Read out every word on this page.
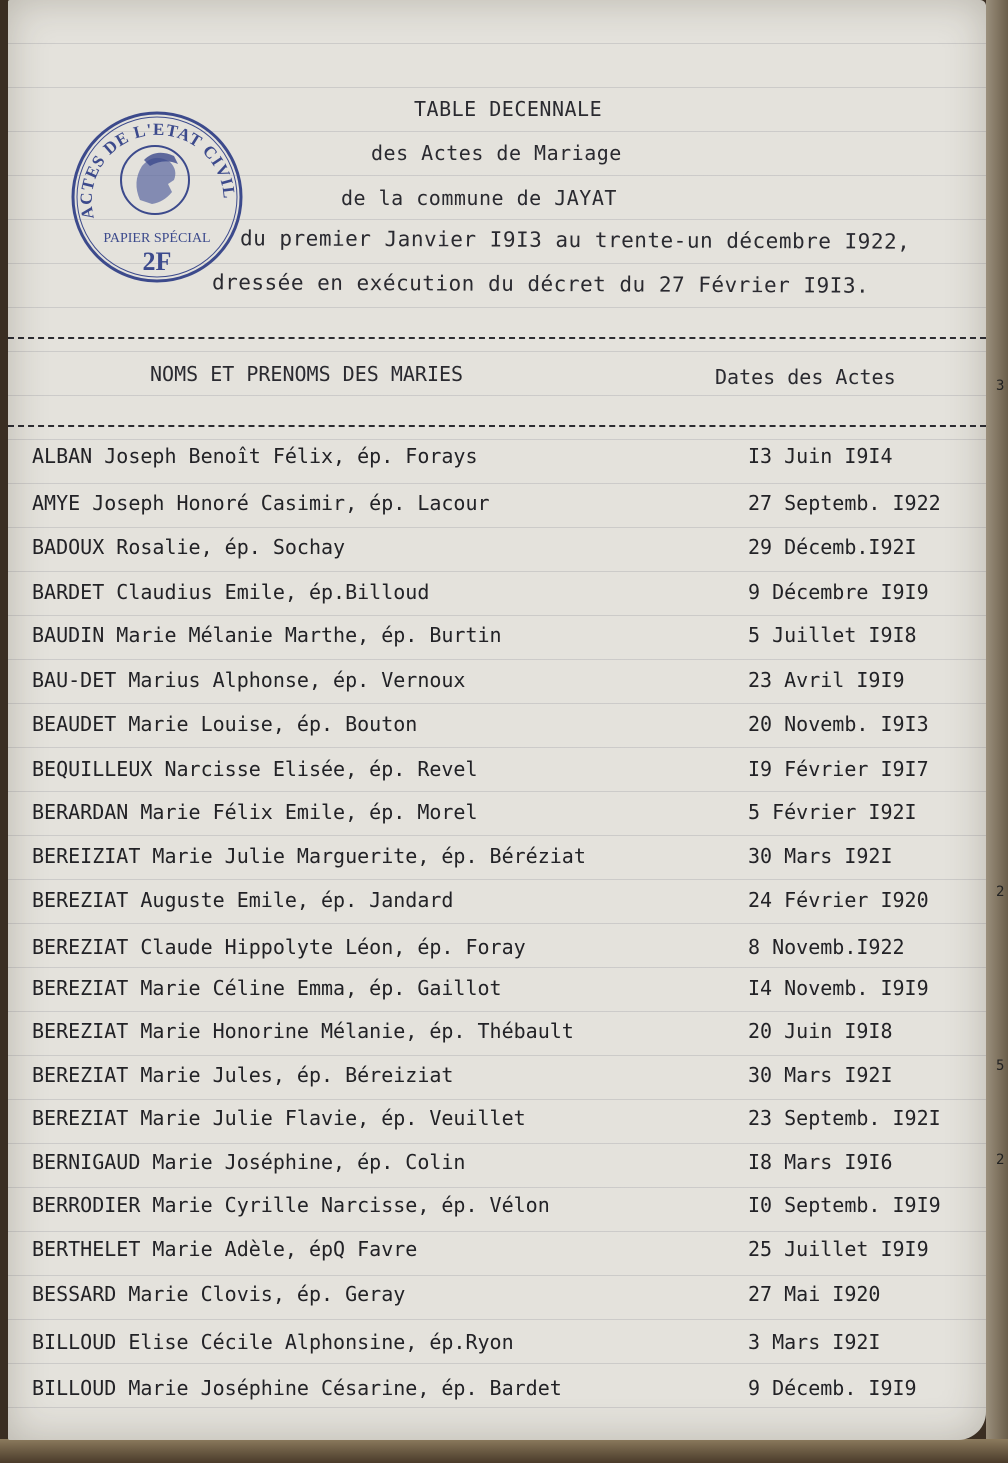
ACTES DE L'ETAT CIVIL
PAPIER SPÉCIAL
2F
TABLE DECENNALE
des Actes de Mariage
de la commune de JAYAT
du premier Janvier I9I3 au trente-un décembre I922,
dressée en exécution du décret du 27 Février I9I3.
NOMS ET PRENOMS DES MARIES	Dates des Actes
ALBAN Joseph Benoît Félix, ép. Forays	I3 Juin I9I4
AMYE Joseph Honoré Casimir, ép. Lacour	27 Septemb. I922
BADOUX Rosalie, ép. Sochay	29 Décemb.I92I
BARDET Claudius Emile, ép.Billoud	9 Décembre I9I9
BAUDIN Marie Mélanie Marthe, ép. Burtin	5 Juillet I9I8
BAU-DET Marius Alphonse, ép. Vernoux	23 Avril I9I9
BEAUDET Marie Louise, ép. Bouton	20 Novemb. I9I3
BEQUILLEUX Narcisse Elisée, ép. Revel	I9 Février I9I7
BERARDAN Marie Félix Emile, ép. Morel	5 Février I92I
BEREIZIAT Marie Julie Marguerite, ép. Béréziat	30 Mars I92I
BEREZIAT Auguste Emile, ép. Jandard	24 Février I920
BEREZIAT Claude Hippolyte Léon, ép. Foray	8 Novemb.I922
BEREZIAT Marie Céline Emma, ép. Gaillot	I4 Novemb. I9I9
BEREZIAT Marie Honorine Mélanie, ép. Thébault	20 Juin I9I8
BEREZIAT Marie Jules, ép. Béreiziat	30 Mars I92I
BEREZIAT Marie Julie Flavie, ép. Veuillet	23 Septemb. I92I
BERNIGAUD Marie Joséphine, ép. Colin	I8 Mars I9I6
BERRODIER Marie Cyrille Narcisse, ép. Vélon	I0 Septemb. I9I9
BERTHELET Marie Adèle, épQ Favre	25 Juillet I9I9
BESSARD Marie Clovis, ép. Geray	27 Mai I920
BILLOUD Elise Cécile Alphonsine, ép.Ryon	3 Mars I92I
BILLOUD Marie Joséphine Césarine, ép. Bardet	9 Décemb. I9I9
3
2
5
2
